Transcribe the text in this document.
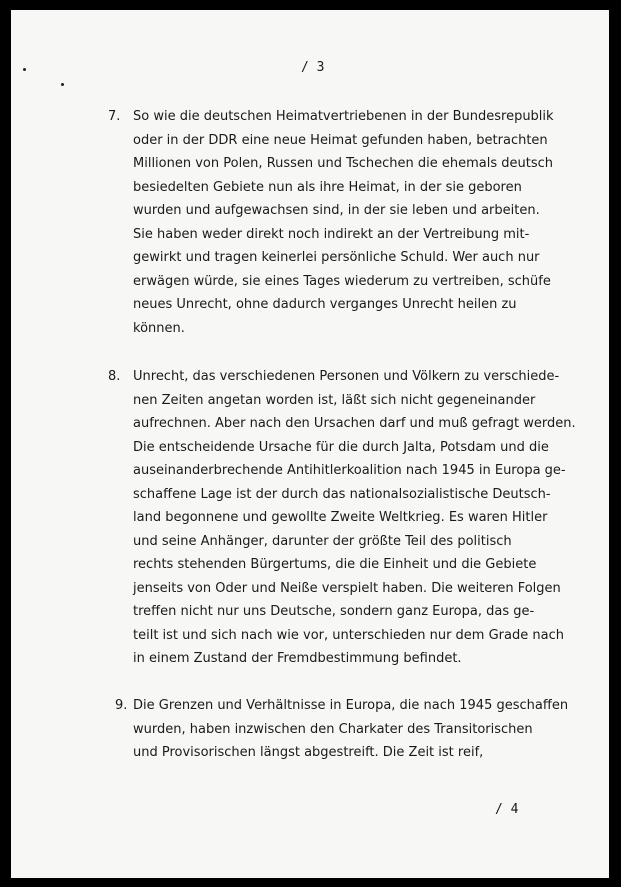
/ 3
7. So wie die deutschen Heimatvertriebenen in der Bundesrepublik
oder in der DDR eine neue Heimat gefunden haben, betrachten
Millionen von Polen, Russen und Tschechen die ehemals deutsch
besiedelten Gebiete nun als ihre Heimat, in der sie geboren
wurden und aufgewachsen sind, in der sie leben und arbeiten.
Sie haben weder direkt noch indirekt an der Vertreibung mit-
gewirkt und tragen keinerlei persönliche Schuld. Wer auch nur
erwägen würde, sie eines Tages wiederum zu vertreiben, schüfe
neues Unrecht, ohne dadurch verganges Unrecht heilen zu
können.
8. Unrecht, das verschiedenen Personen und Völkern zu verschiede-
nen Zeiten angetan worden ist, läßt sich nicht gegeneinander
aufrechnen. Aber nach den Ursachen darf und muß gefragt werden.
Die entscheidende Ursache für die durch Jalta, Potsdam und die
auseinanderbrechende Antihitlerkoalition nach 1945 in Europa ge-
schaffene Lage ist der durch das nationalsozialistische Deutsch-
land begonnene und gewollte Zweite Weltkrieg. Es waren Hitler
und seine Anhänger, darunter der größte Teil des politisch
rechts stehenden Bürgertums, die die Einheit und die Gebiete
jenseits von Oder und Neiße verspielt haben. Die weiteren Folgen
treffen nicht nur uns Deutsche, sondern ganz Europa, das ge-
teilt ist und sich nach wie vor, unterschieden nur dem Grade nach
in einem Zustand der Fremdbestimmung befindet.
9. Die Grenzen und Verhältnisse in Europa, die nach 1945 geschaffen
wurden, haben inzwischen den Charkater des Transitorischen
und Provisorischen längst abgestreift. Die Zeit ist reif,
/ 4
